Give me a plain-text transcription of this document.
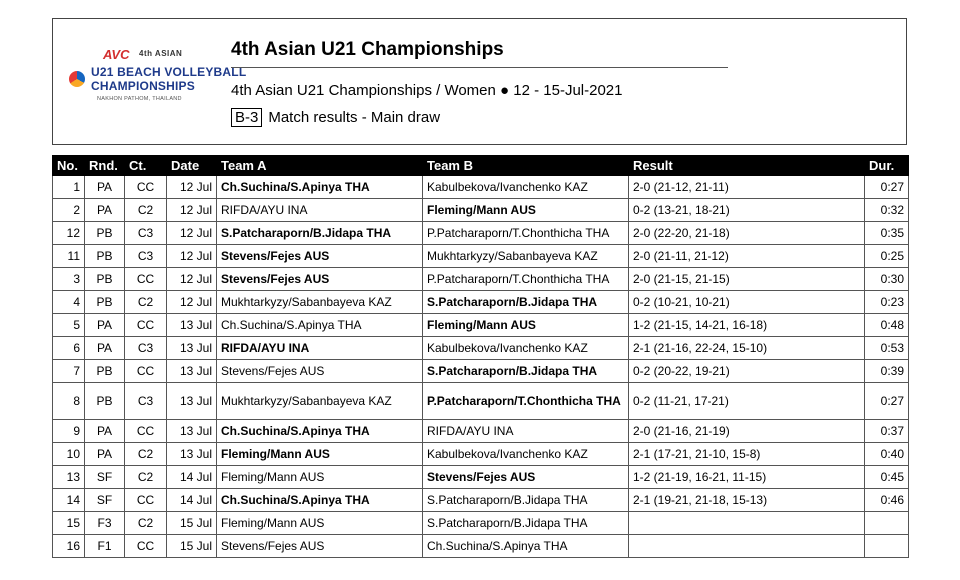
AVC 4th ASIAN
U21 BEACH VOLLEYBALL
CHAMPIONSHIPS
NAKHON PATHOM, THAILAND
4th Asian U21 Championships
4th Asian U21 Championships / Women ● 12 - 15-Jul-2021
B-3 Match results - Main draw
No.	Rnd.	Ct.	Date	Team A	Team B	Result	Dur.
1	PA	CC	12 Jul	Ch.Suchina/S.Apinya THA	Kabulbekova/Ivanchenko KAZ	2-0 (21-12, 21-11)	0:27
2	PA	C2	12 Jul	RIFDA/AYU INA	Fleming/Mann AUS	0-2 (13-21, 18-21)	0:32
12	PB	C3	12 Jul	S.Patcharaporn/B.Jidapa THA	P.Patcharaporn/T.Chonthicha THA	2-0 (22-20, 21-18)	0:35
11	PB	C3	12 Jul	Stevens/Fejes AUS	Mukhtarkyzy/Sabanbayeva KAZ	2-0 (21-11, 21-12)	0:25
3	PB	CC	12 Jul	Stevens/Fejes AUS	P.Patcharaporn/T.Chonthicha THA	2-0 (21-15, 21-15)	0:30
4	PB	C2	12 Jul	Mukhtarkyzy/Sabanbayeva KAZ	S.Patcharaporn/B.Jidapa THA	0-2 (10-21, 10-21)	0:23
5	PA	CC	13 Jul	Ch.Suchina/S.Apinya THA	Fleming/Mann AUS	1-2 (21-15, 14-21, 16-18)	0:48
6	PA	C3	13 Jul	RIFDA/AYU INA	Kabulbekova/Ivanchenko KAZ	2-1 (21-16, 22-24, 15-10)	0:53
7	PB	CC	13 Jul	Stevens/Fejes AUS	S.Patcharaporn/B.Jidapa THA	0-2 (20-22, 19-21)	0:39
8	PB	C3	13 Jul	Mukhtarkyzy/Sabanbayeva KAZ	P.Patcharaporn/T.Chonthicha THA	0-2 (11-21, 17-21)	0:27
9	PA	CC	13 Jul	Ch.Suchina/S.Apinya THA	RIFDA/AYU INA	2-0 (21-16, 21-19)	0:37
10	PA	C2	13 Jul	Fleming/Mann AUS	Kabulbekova/Ivanchenko KAZ	2-1 (17-21, 21-10, 15-8)	0:40
13	SF	C2	14 Jul	Fleming/Mann AUS	Stevens/Fejes AUS	1-2 (21-19, 16-21, 11-15)	0:45
14	SF	CC	14 Jul	Ch.Suchina/S.Apinya THA	S.Patcharaporn/B.Jidapa THA	2-1 (19-21, 21-18, 15-13)	0:46
15	F3	C2	15 Jul	Fleming/Mann AUS	S.Patcharaporn/B.Jidapa THA		
16	F1	CC	15 Jul	Stevens/Fejes AUS	Ch.Suchina/S.Apinya THA		
